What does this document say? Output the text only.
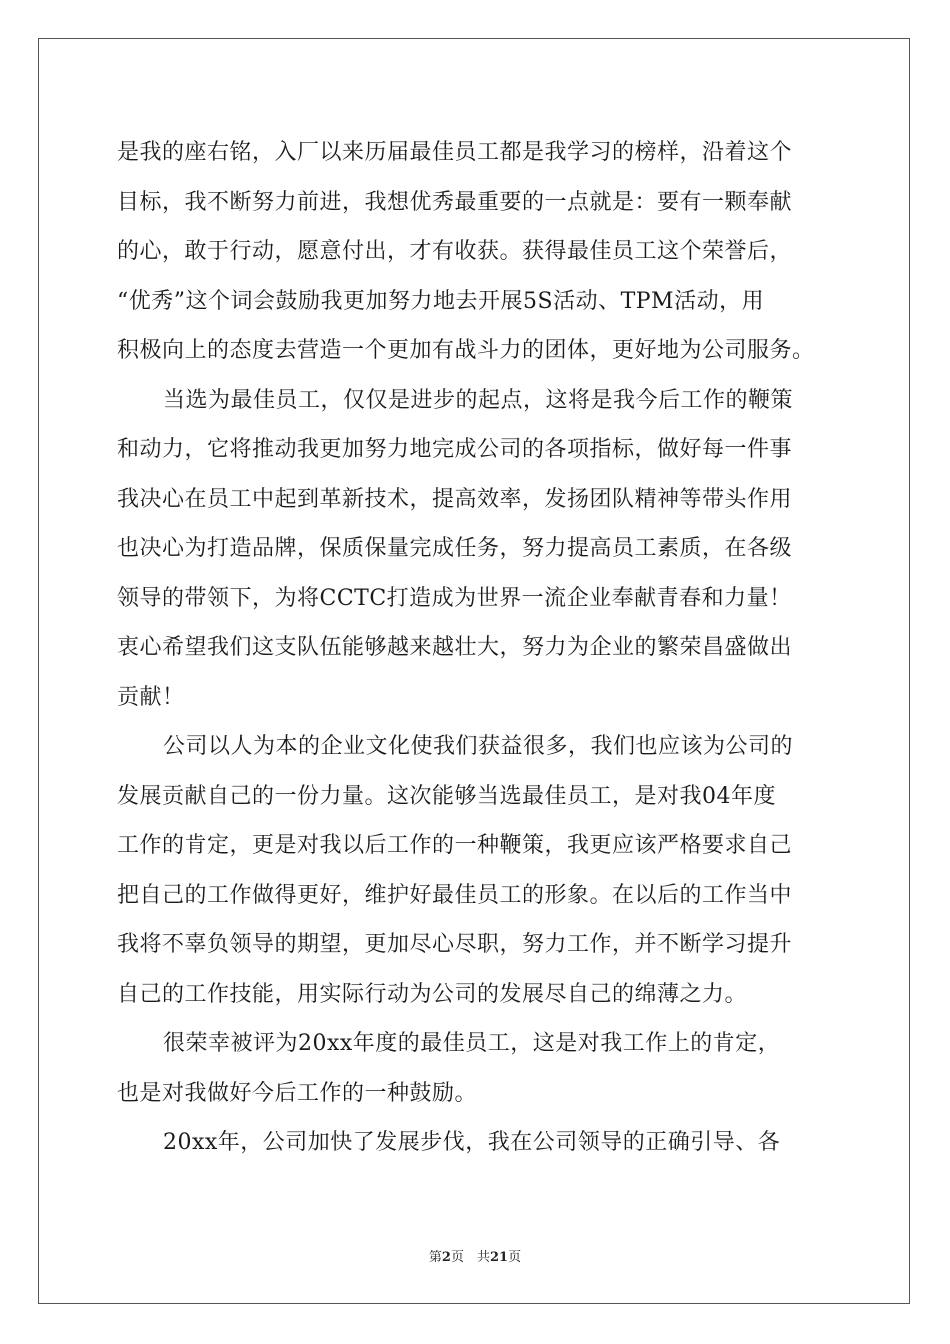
是我的座右铭，入厂以来历届最佳员工都是我学习的榜样，沿着这个
目标，我不断努力前进，我想优秀最重要的一点就是：要有一颗奉献
的心，敢于行动，愿意付出，才有收获。获得最佳员工这个荣誉后，
“优秀”这个词会鼓励我更加努力地去开展5S活动、TPM活动，用
积极向上的态度去营造一个更加有战斗力的团体，更好地为公司服务。
当选为最佳员工，仅仅是进步的起点，这将是我今后工作的鞭策
和动力，它将推动我更加努力地完成公司的各项指标，做好每一件事
我决心在员工中起到革新技术，提高效率，发扬团队精神等带头作用
也决心为打造品牌，保质保量完成任务，努力提高员工素质，在各级
领导的带领下，为将CCTC打造成为世界一流企业奉献青春和力量！
衷心希望我们这支队伍能够越来越壮大，努力为企业的繁荣昌盛做出
贡献！
公司以人为本的企业文化使我们获益很多，我们也应该为公司的
发展贡献自己的一份力量。这次能够当选最佳员工，是对我04年度
工作的肯定，更是对我以后工作的一种鞭策，我更应该严格要求自己
把自己的工作做得更好，维护好最佳员工的形象。在以后的工作当中
我将不辜负领导的期望，更加尽心尽职，努力工作，并不断学习提升
自己的工作技能，用实际行动为公司的发展尽自己的绵薄之力。
很荣幸被评为20xx年度的最佳员工，这是对我工作上的肯定，
也是对我做好今后工作的一种鼓励。
20xx年，公司加快了发展步伐，我在公司领导的正确引导、各
第2页　共21页
